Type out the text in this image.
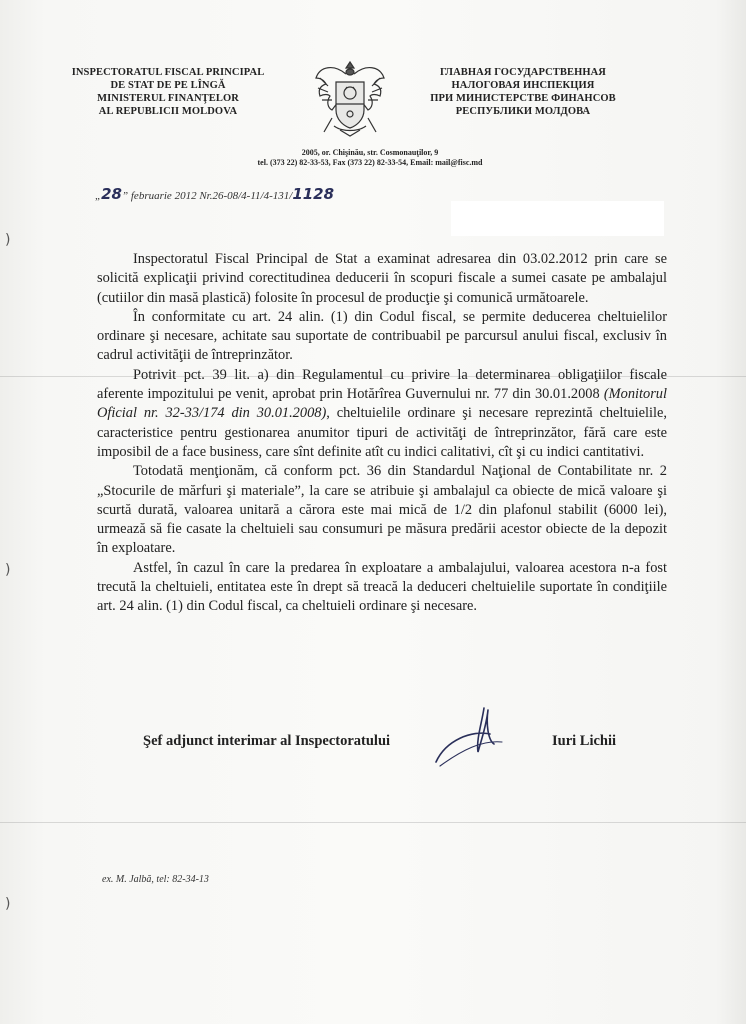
)
)
)
INSPECTORATUL FISCAL PRINCIPAL
DE STAT DE PE LÎNGĂ
MINISTERUL FINANŢELOR
AL REPUBLICII MOLDOVA
ГЛАВНАЯ ГОСУДАРСТВЕННАЯ
НАЛОГОВАЯ ИНСПЕКЦИЯ
ПРИ МИНИСТЕРСТВЕ ФИНАНСОВ
РЕСПУБЛИКИ МОЛДОВА
2005, or. Chişinău, str. Cosmonauţilor, 9
tel. (373 22) 82-33-53, Fax (373 22) 82-33-54, Email: mail@fisc.md
„28” februarie 2012 Nr.26-08/4-11/4-131/1128

Inspectoratul Fiscal Principal de Stat a examinat adresarea din 03.02.2012 prin care se solicită explicaţii privind corectitudinea deducerii în scopuri fiscale a sumei casate pe ambalajul (cutiilor din masă plastică) folosite în procesul de producţie şi comunică următoarele.

În conformitate cu art. 24 alin. (1) din Codul fiscal, se permite deducerea cheltuielilor ordinare şi necesare, achitate sau suportate de contribuabil pe parcursul anului fiscal, exclusiv în cadrul activităţii de întreprinzător.

Potrivit pct. 39 lit. a) din Regulamentul cu privire la determinarea obligaţiilor fiscale aferente impozitului pe venit, aprobat prin Hotărîrea Guvernului nr. 77 din 30.01.2008 (Monitorul Oficial nr. 32-33/174 din 30.01.2008), cheltuielile ordinare şi necesare reprezintă cheltuielile, caracteristice pentru gestionarea anumitor tipuri de activităţi de întreprinzător, fără care este imposibil de a face business, care sînt definite atît cu indici calitativi, cît şi cu indici cantitativi.

Totodată menţionăm, că conform pct. 36 din Standardul Naţional de Contabilitate nr. 2 „Stocurile de mărfuri şi materiale”, la care se atribuie şi ambalajul ca obiecte de mică valoare şi scurtă durată, valoarea unitară a cărora este mai mică de 1/2 din plafonul stabilit (6000 lei), urmează să fie casate la cheltuieli sau consumuri pe măsura predării acestor obiecte de la depozit în exploatare.

Astfel, în cazul în care la predarea în exploatare a ambalajului, valoarea acestora n-a fost trecută la cheltuieli, entitatea este în drept să treacă la deduceri cheltuielile suportate în condiţiile art. 24 alin. (1) din Codul fiscal, ca cheltuieli ordinare şi necesare.

Şef adjunct interimar al Inspectoratului	Iuri Lichii
ex. M. Jalbă, tel: 82-34-13
